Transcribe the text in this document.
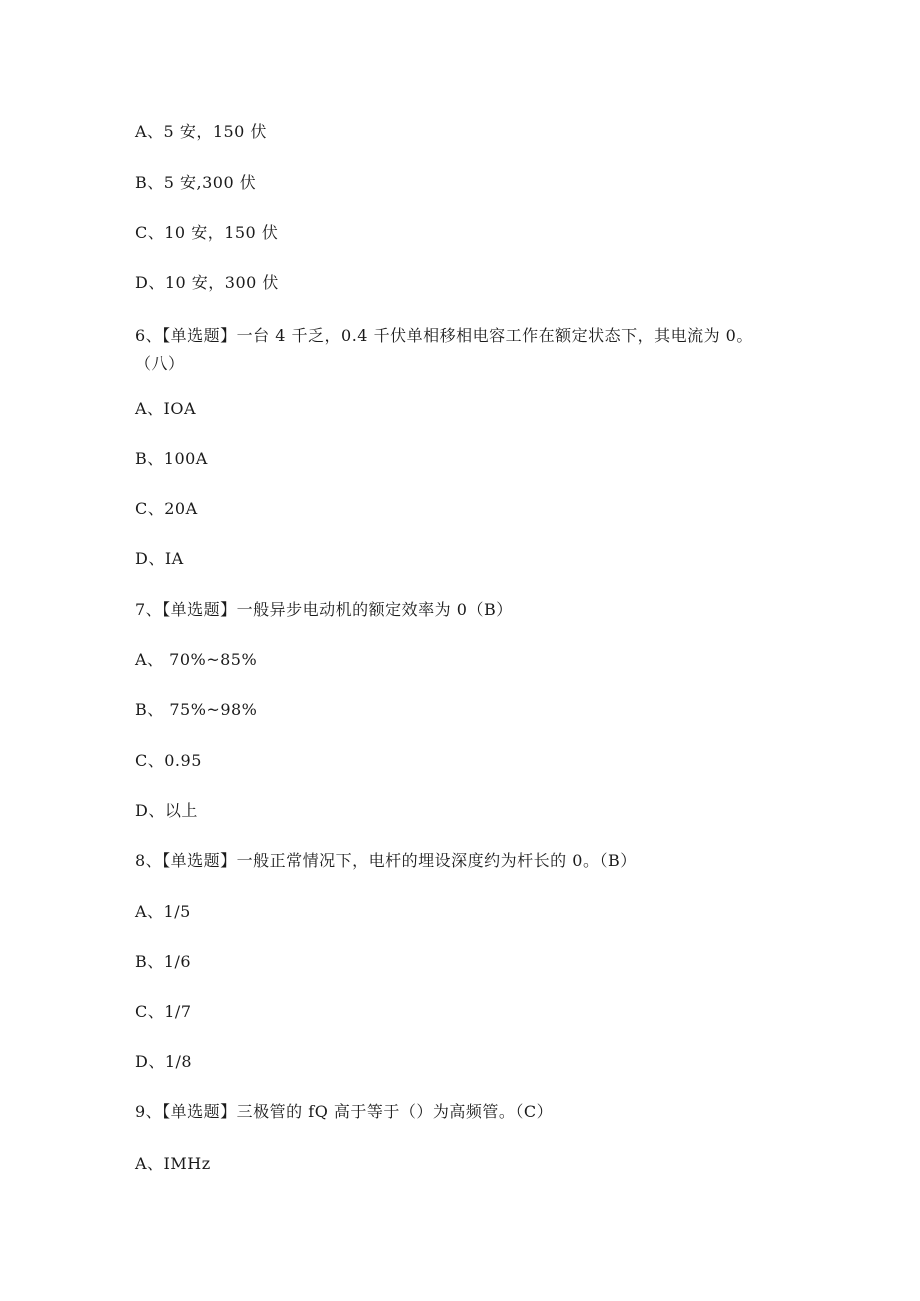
A、5 安，150 伏
B、5 安,300 伏
C、10 安，150 伏
D、10 安，300 伏
6、【单选题】一台 4 千乏，0.4 千伏单相移相电容工作在额定状态下，其电流为 0。（八）
A、IOA
B、100A
C、20A
D、IA
7、【单选题】一般异步电动机的额定效率为 0（B）
A、 70%~85%
B、 75%~98%
C、0.95
D、以上
8、【单选题】一般正常情况下，电杆的埋设深度约为杆长的 0。（B）
A、1/5
B、1/6
C、1/7
D、1/8
9、【单选题】三极管的 fQ 高于等于（）为高频管。（C）
A、IMHz
